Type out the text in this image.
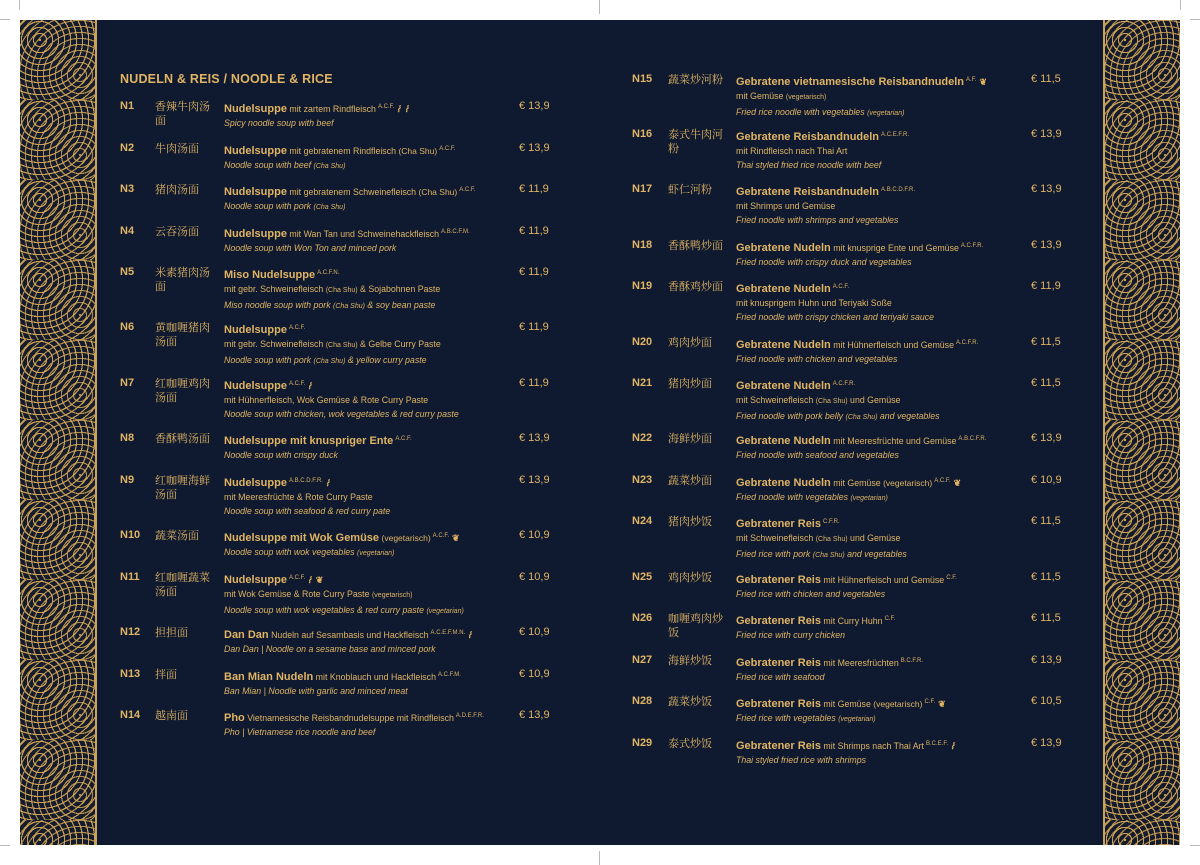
NUDELN & REIS / NOODLE & RICE
N1 香辣牛肉汤面
Nudelsuppe mit zartem Rindfleisch $^{A.C.F.}$⌇⌇
Spicy noodle soup with beef
€ 13,9
N2 牛肉汤面	Nudelsuppe mit gebratenem Rindfleisch (Cha Shu) $^{A.C.F.}$
Noodle soup with beef (Cha Shu)
€ 13,9
N3 猪肉汤面	Nudelsuppe mit gebratenem Schweinefleisch (Cha Shu) $^{A.C.F.}$
Noodle soup with pork (Cha Shu)
€ 11,9
N4 云吞汤面	Nudelsuppe mit Wan Tan und Schweinehackfleisch $^{A.B.C.F.M.}$
Noodle soup with Won Ton and minced pork
€ 11,9
N5 米素猪肉汤面
Miso Nudelsuppe $^{A.C.F.N.}$
mit gebr. Schweinefleisch (Cha Shu) & Sojabohnen Paste
Miso noodle soup with pork (Cha Shu) & soy bean paste
€ 11,9
N6 黄咖喱猪肉汤面
Nudelsuppe $^{A.C.F.}$
mit gebr. Schweinefleisch (Cha Shu) & Gelbe Curry Paste
Noodle soup with pork (Cha Shu) & yellow curry paste
€ 11,9
N7 红咖喱鸡肉汤面
Nudelsuppe $^{A.C.F.}$⌇
mit Hühnerfleisch, Wok Gemüse & Rote Curry Paste
Noodle soup with chicken, wok vegetables & red curry paste
€ 11,9
N8 香酥鸭汤面	Nudelsuppe mit knuspriger Ente $^{A.C.F.}$
Noodle soup with crispy duck
€ 13,9
N9 红咖喱海鲜汤面
Nudelsuppe $^{A.B.C.D.F.R.}$⌇
mit Meeresfrüchte & Rote Curry Paste
Noodle soup with seafood & red curry pate
€ 13,9
N10 蔬菜汤面	Nudelsuppe mit Wok Gemüse (vegetarisch) $^{A.C.F.}$ ❦
Noodle soup with wok vegetables (vegetarian)
€ 10,9
N11 红咖喱蔬菜汤面
Nudelsuppe $^{A.C.F.}$⌇❦
mit Wok Gemüse & Rote Curry Paste (vegetarisch)
Noodle soup with wok vegetables & red curry paste (vegetarian)
€ 10,9
N12 担担面	Dan Dan Nudeln auf Sesambasis und Hackfleisch $^{A.C.E.F.M.N.}$⌇
Dan Dan | Noodle on a sesame base and minced pork
€ 10,9
N13 拌面	Ban Mian Nudeln mit Knoblauch und Hackfleisch $^{A.C.F.M.}$
Ban Mian | Noodle with garlic and minced meat
€ 10,9
N14 越南面	Pho Vietnamesische Reisbandnudelsuppe mit Rindfleisch $^{A.D.E.F.R.}$
Pho | Vietnamese rice noodle and beef
€ 13,9
N15 蔬菜炒河粉	Gebratene vietnamesische Reisbandnudeln $^{A.F.}$ ❦
mit Gemüse (vegetarisch)
Fried rice noodle with vegetables (vegetarian)
€ 11,5
N16 泰式牛肉河粉
Gebratene Reisbandnudeln $^{A.C.E.F.R.}$
mit Rindfleisch nach Thai Art
Thai styled fried rice noodle with beef
€ 13,9
N17 虾仁河粉	Gebratene Reisbandnudeln $^{A.B.C.D.F.R.}$
mit Shrimps und Gemüse
Fried noodle with shrimps and vegetables
€ 13,9
N18 香酥鸭炒面	Gebratene Nudeln mit knusprige Ente und Gemüse $^{A.C.F.R.}$
Fried noodle with crispy duck and vegetables
€ 13,9
N19 香酥鸡炒面	Gebratene Nudeln $^{A.C.F.}$
mit knusprigem Huhn und Teriyaki Soße
Fried noodle with crispy chicken and teriyaki sauce
€ 11,9
N20 鸡肉炒面	Gebratene Nudeln mit Hühnerfleisch und Gemüse $^{A.C.F.R.}$
Fried noodle with chicken and vegetables
€ 11,5
N21 猪肉炒面	Gebratene Nudeln $^{A.C.F.R.}$
mit Schweinefleisch (Cha Shu) und Gemüse
Fried noodle with pork belly (Cha Shu) and vegetables
€ 11,5
N22 海鲜炒面	Gebratene Nudeln mit Meeresfrüchte und Gemüse $^{A.B.C.F.R.}$
Fried noodle with seafood and vegetables
€ 13,9
N23 蔬菜炒面	Gebratene Nudeln mit Gemüse (vegetarisch) $^{A.C.F.}$ ❦
Fried noodle with vegetables (vegetarian)
€ 10,9
N24 猪肉炒饭	Gebratener Reis $^{C.F.R.}$
mit Schweinefleisch (Cha Shu) und Gemüse
Fried rice with pork (Cha Shu) and vegetables
€ 11,5
N25 鸡肉炒饭	Gebratener Reis mit Hühnerfleisch und Gemüse $^{C.F.}$
Fried rice with chicken and vegetables
€ 11,5
N26 咖喱鸡肉炒饭
Gebratener Reis mit Curry Huhn $^{C.F.}$
Fried rice with curry chicken
€ 11,5
N27 海鲜炒饭	Gebratener Reis mit Meeresfrüchten $^{B.C.F.R.}$
Fried rice with seafood
€ 13,9
N28 蔬菜炒饭	Gebratener Reis mit Gemüse (vegetarisch) $^{C.F.}$ ❦
Fried rice with vegetables (vegetarian)
€ 10,5
N29 泰式炒饭	Gebratener Reis mit Shrimps nach Thai Art $^{B.C.E.F.}$⌇
Thai styled fried rice with shrimps
€ 13,9
